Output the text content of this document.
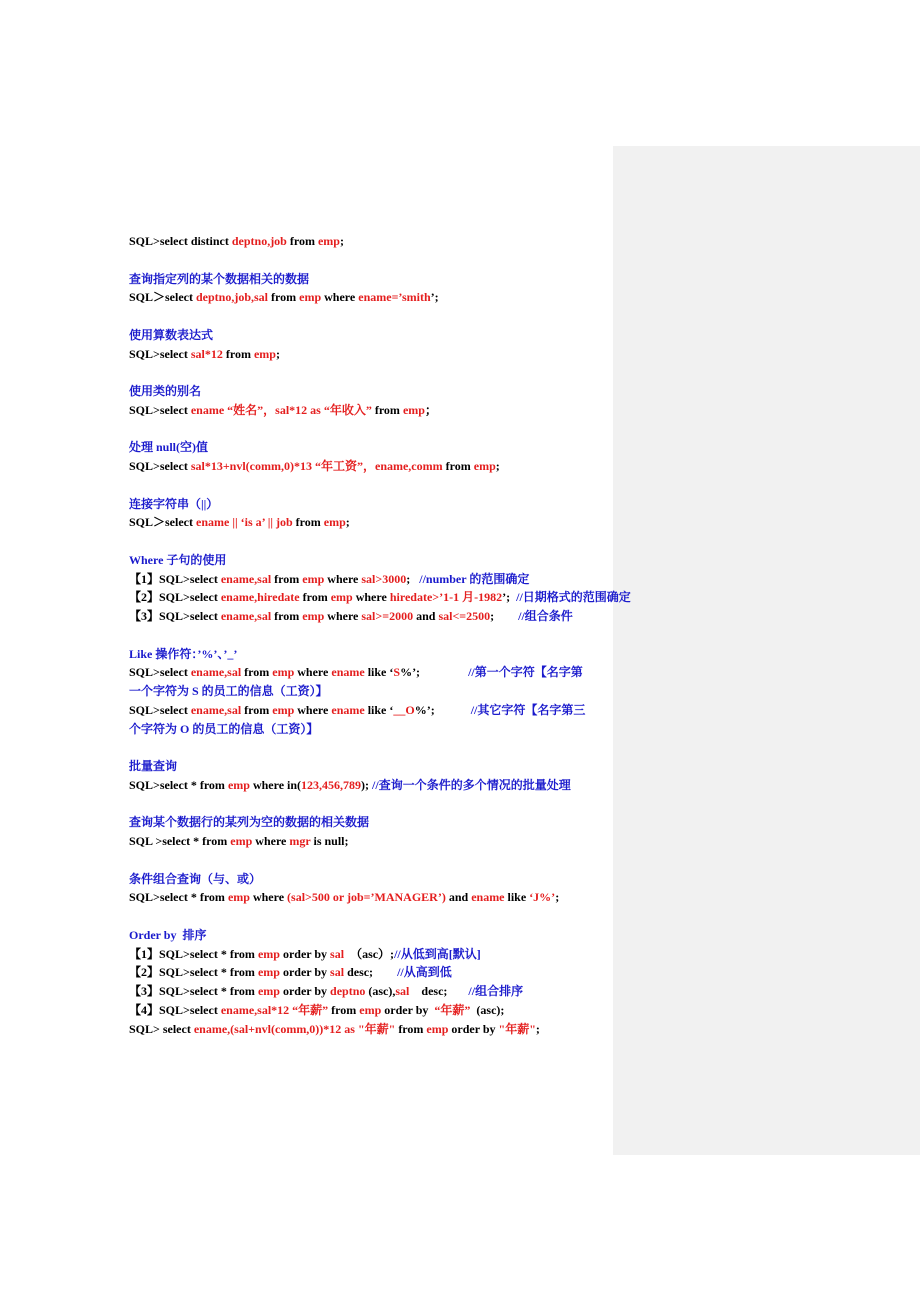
SQL>select distinct deptno,job from emp;
查询指定列的某个数据相关的数据
SQL＞select deptno,job,sal from emp where ename=’smith’;
使用算数表达式
SQL>select sal*12 from emp;
使用类的别名
SQL>select ename “姓名”，sal*12 as “年收入” from emp；
处理 null(空)值
SQL>select sal*13+nvl(comm,0)*13 “年工资”，ename,comm from emp;
连接字符串（||）
SQL＞select ename || ‘is a’ || job from emp;
Where 子句的使用
【1】SQL>select ename,sal from emp where sal>3000;   //number 的范围确定
【2】SQL>select ename,hiredate from emp where hiredate>’1-1 月-1982’;  //日期格式的范围确定
【3】SQL>select ename,sal from emp where sal>=2000 and sal<=2500;        //组合条件
Like 操作符：’%’、’_’
SQL>select ename,sal from emp where ename like ‘S%’;                //第一个字符【名字第
一个字符为 S 的员工的信息（工资）】
SQL>select ename,sal from emp where ename like ‘__O%’;            //其它字符【名字第三
个字符为 O 的员工的信息（工资）】
批量查询
SQL>select * from emp where in(123,456,789); //查询一个条件的多个情况的批量处理
查询某个数据行的某列为空的数据的相关数据
SQL >select * from emp where mgr is null;
条件组合查询（与、或）
SQL>select * from emp where (sal>500 or job=’MANAGER’) and ename like ‘J%’;
Order by  排序
【1】SQL>select * from emp order by sal  （asc）;//从低到高[默认]
【2】SQL>select * from emp order by sal desc;        //从高到低
【3】SQL>select * from emp order by deptno (asc),sal    desc;       //组合排序
【4】SQL>select ename,sal*12 “年薪” from emp order by  “年薪”  (asc);
SQL> select ename,(sal+nvl(comm,0))*12 as "年薪" from emp order by "年薪";
